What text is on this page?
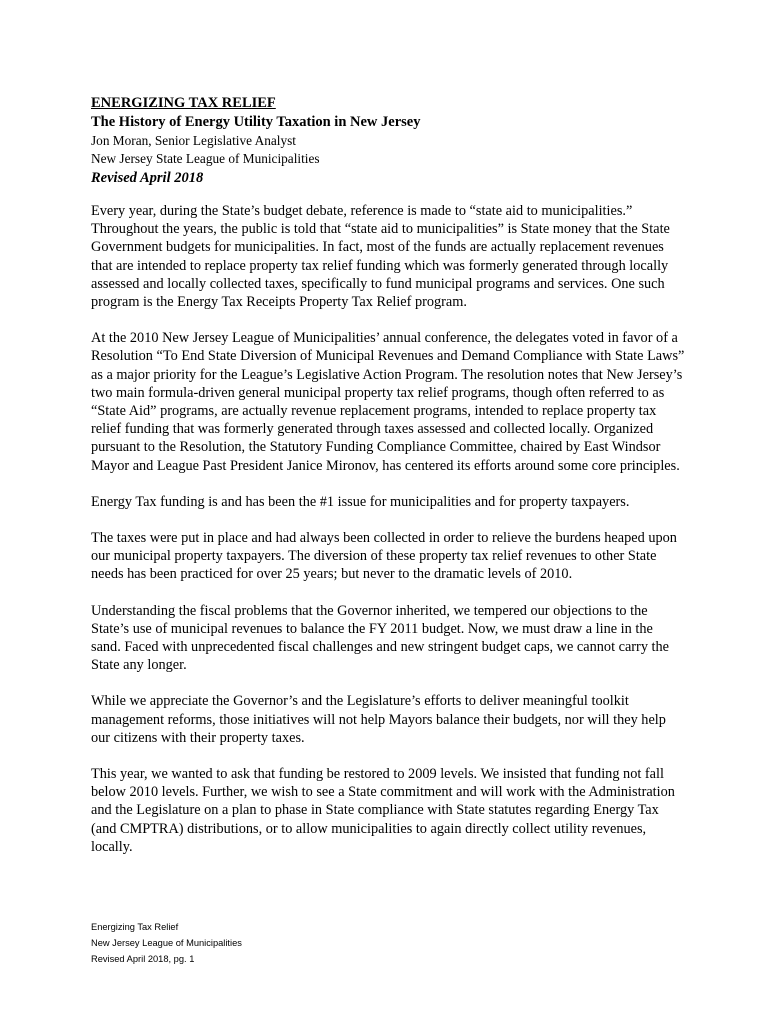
ENERGIZING TAX RELIEF
The History of Energy Utility Taxation in New Jersey

Jon Moran, Senior Legislative Analyst

New Jersey State League of Municipalities

Revised April 2018

Every year, during the State’s budget debate, reference is made to “state aid to municipalities.” Throughout the years, the public is told that “state aid to municipalities” is State money that the State Government budgets for municipalities. In fact, most of the funds are actually replacement revenues that are intended to replace property tax relief funding which was formerly generated through locally assessed and locally collected taxes, specifically to fund municipal programs and services. One such program is the Energy Tax Receipts Property Tax Relief program.

At the 2010 New Jersey League of Municipalities’ annual conference, the delegates voted in favor of a Resolution “To End State Diversion of Municipal Revenues and Demand Compliance with State Laws” as a major priority for the League’s Legislative Action Program. The resolution notes that New Jersey’s two main formula-driven general municipal property tax relief programs, though often referred to as “State Aid” programs, are actually revenue replacement programs, intended to replace property tax relief funding that was formerly generated through taxes assessed and collected locally. Organized pursuant to the Resolution, the Statutory Funding Compliance Committee, chaired by East Windsor Mayor and League Past President Janice Mironov, has centered its efforts around some core principles.

Energy Tax funding is and has been the #1 issue for municipalities and for property taxpayers.

The taxes were put in place and had always been collected in order to relieve the burdens heaped upon our municipal property taxpayers. The diversion of these property tax relief revenues to other State needs has been practiced for over 25 years; but never to the dramatic levels of 2010.

Understanding the fiscal problems that the Governor inherited, we tempered our objections to the State’s use of municipal revenues to balance the FY 2011 budget. Now, we must draw a line in the sand. Faced with unprecedented fiscal challenges and new stringent budget caps, we cannot carry the State any longer.

While we appreciate the Governor’s and the Legislature’s efforts to deliver meaningful toolkit management reforms, those initiatives will not help Mayors balance their budgets, nor will they help our citizens with their property taxes.

This year, we wanted to ask that funding be restored to 2009 levels. We insisted that funding not fall below 2010 levels. Further, we wish to see a State commitment and will work with the Administration and the Legislature on a plan to phase in State compliance with State statutes regarding Energy Tax (and CMPTRA) distributions, or to allow municipalities to again directly collect utility revenues, locally.

Energizing Tax Relief
New Jersey League of Municipalities
Revised April 2018, pg. 1
